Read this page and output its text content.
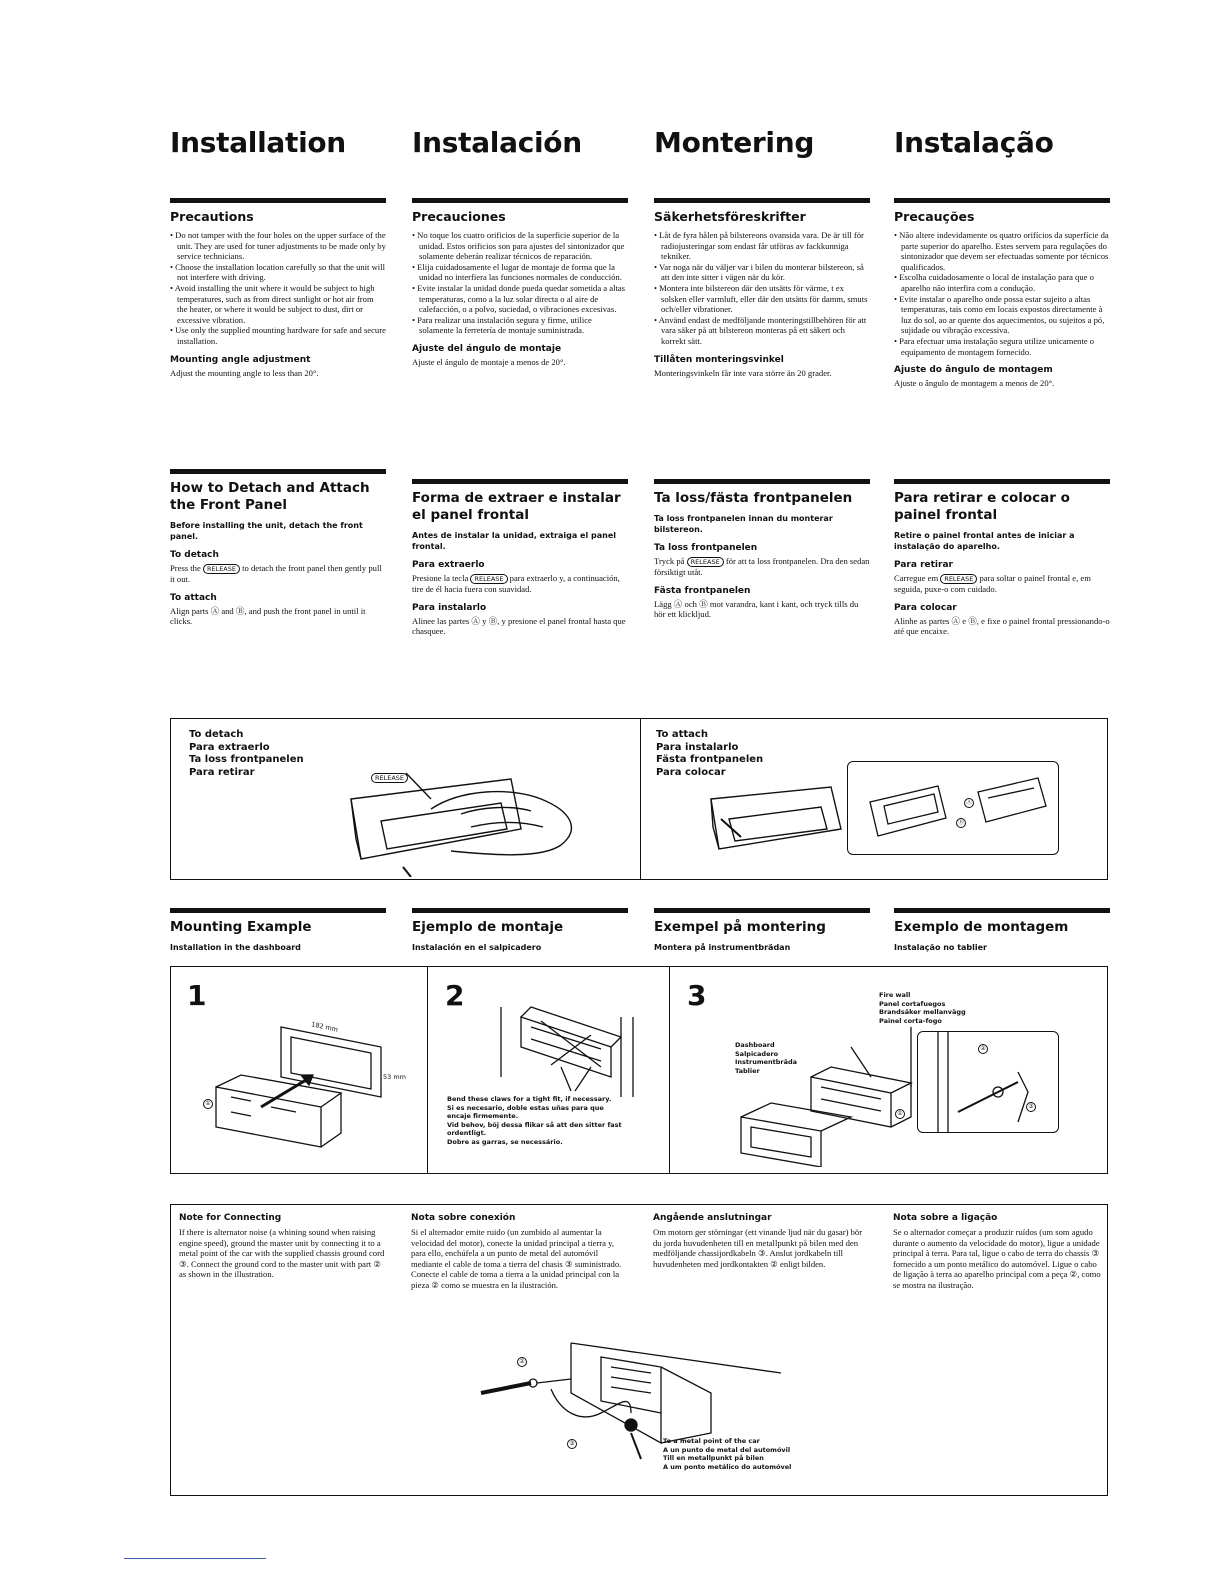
Installation Instalación	Montering	Instalação
Precautions
• Do not tamper with the four holes on the upper surface of the unit. They are used for tuner adjustments to be made only by service technicians.
• Choose the installation location carefully so that the unit will not interfere with driving.
• Avoid installing the unit where it would be subject to high temperatures, such as from direct sunlight or hot air from the heater, or where it would be subject to dust, dirt or excessive vibration.
• Use only the supplied mounting hardware for safe and secure installation.
Mounting angle adjustment

Adjust the mounting angle to less than 20°.

Precauciones
• No toque los cuatro orificios de la superficie superior de la unidad. Estos orificios son para ajustes del sintonizador que solamente deberán realizar técnicos de reparación.
• Elija cuidadosamente el lugar de montaje de forma que la unidad no interfiera las funciones normales de conducción.
• Evite instalar la unidad donde pueda quedar sometida a altas temperaturas, como a la luz solar directa o al aire de calefacción, o a polvo, suciedad, o vibraciones excesivas.
• Para realizar una instalación segura y firme, utilice solamente la ferretería de montaje suministrada.
Ajuste del ángulo de montaje

Ajuste el ángulo de montaje a menos de 20°.

Säkerhetsföreskrifter
• Låt de fyra hålen på bilstereons ovansida vara. De är till för radiojusteringar som endast får utföras av fackkunniga tekniker.
• Var noga när du väljer var i bilen du monterar bilstereon, så att den inte sitter i vägen när du kör.
• Montera inte bilstereon där den utsätts för värme, t ex solsken eller varmluft, eller där den utsätts för damm, smuts och/eller vibrationer.
• Använd endast de medföljande monteringstillbehören för att vara säker på att bilstereon monteras på ett säkert och korrekt sätt.
Tillåten monteringsvinkel

Monteringsvinkeln får inte vara större än 20 grader.

Precauções
• Não altere indevidamente os quatro orifícios da superfície da parte superior do aparelho. Estes servem para regulações do sintonizador que devem ser efectuadas somente por técnicos qualificados.
• Escolha cuidadosamente o local de instalação para que o aparelho não interfira com a condução.
• Evite instalar o aparelho onde possa estar sujeito a altas temperaturas, tais como em locais expostos directamente à luz do sol, ao ar quente dos aquecimentos, ou sujeitos a pó, sujidade ou vibração excessiva.
• Para efectuar uma instalação segura utilize unicamente o equipamento de montagem fornecido.
Ajuste do ângulo de montagem

Ajuste o ângulo de montagem a menos de 20°.

How to Detach and Attach the Front Panel

Before installing the unit, detach the front panel.

To detach

Press the RELEASE to detach the front panel then gently pull it out.

To attach

Align parts Ⓐ and Ⓑ, and push the front panel in until it clicks.

Forma de extraer e instalar el panel frontal

Antes de instalar la unidad, extraiga el panel frontal.

Para extraerlo

Presione la tecla RELEASE para extraerlo y, a continuación, tire de él hacia fuera con suavidad.

Para instalarlo

Alinee las partes Ⓐ y Ⓑ, y presione el panel frontal hasta que chasquee.

Ta loss/fästa frontpanelen

Ta loss frontpanelen innan du monterar bilstereon.

Ta loss frontpanelen

Tryck på RELEASE för att ta loss frontpanelen. Dra den sedan försiktigt utåt.

Fästa frontpanelen

Lägg Ⓐ och Ⓑ mot varandra, kant i kant, och tryck tills du hör ett klickljud.

Para retirar e colocar o painel frontal

Retire o painel frontal antes de iniciar a instalação do aparelho.

Para retirar

Carregue em RELEASE para soltar o painel frontal e, em seguida, puxe-o com cuidado.

Para colocar

Alinhe as partes Ⓐ e Ⓑ, e fixe o painel frontal pressionando-o até que encaixe.

To detach

Para extraerlo

Ta loss frontpanelen

Para retirar

RELEASE

To attach

Para instalarlo

Fästa frontpanelen

Para colocar

Ⓐ
Ⓑ
Mounting Example

Installation in the dashboard

Ejemplo de montaje

Instalación en el salpicadero

Exempel på montering

Montera på instrumentbrädan

Exemplo de montagem

Instalação no tablier

1
182 mm
53 mm
①
2

Bend these claws for a tight fit, if necessary.

Si es necesario, doble estas uñas para que encaje firmemente.

Vid behov, böj dessa flikar så att den sitter fast ordentligt.

Dobre as garras, se necessário.

3	Fire wall

Panel cortafuegos

Brandsäker mellanvägg

Painel corta-fogo

Dashboard

Salpicadero

Instrumentbräda

Tablier

②
③
①
Note for Connecting

If there is alternator noise (a whining sound when raising engine speed), ground the master unit by connecting it to a metal point of the car with the supplied chassis ground cord ③. Connect the ground cord to the master unit with part ② as shown in the illustration.

Nota sobre conexión

Si el alternador emite ruido (un zumbido al aumentar la velocidad del motor), conecte la unidad principal a tierra y, para ello, enchúfela a un punto de metal del automóvil mediante el cable de toma a tierra del chasis ③ suministrado. Conecte el cable de toma a tierra a la unidad principal con la pieza ② como se muestra en la ilustración.

Angående anslutningar

Om motorn ger störningar (ett vinande ljud när du gasar) bör du jorda huvudenheten till en metallpunkt på bilen med den medföljande chassijordkabeln ③. Anslut jordkabeln till huvudenheten med jordkontakten ② enligt bilden.

Nota sobre a ligação

Se o alternador começar a produzir ruídos (um som agudo durante o aumento da velocidade do motor), ligue a unidade principal à terra. Para tal, ligue o cabo de terra do chassis ③ fornecido a um ponto metálico do automóvel. Ligue o cabo de ligação à terra ao aparelho principal com a peça ②, como se mostra na ilustração.

②
③	To a metal point of the car

A un punto de metal del automóvil

Till en metallpunkt på bilen

A um ponto metálico do automóvel
